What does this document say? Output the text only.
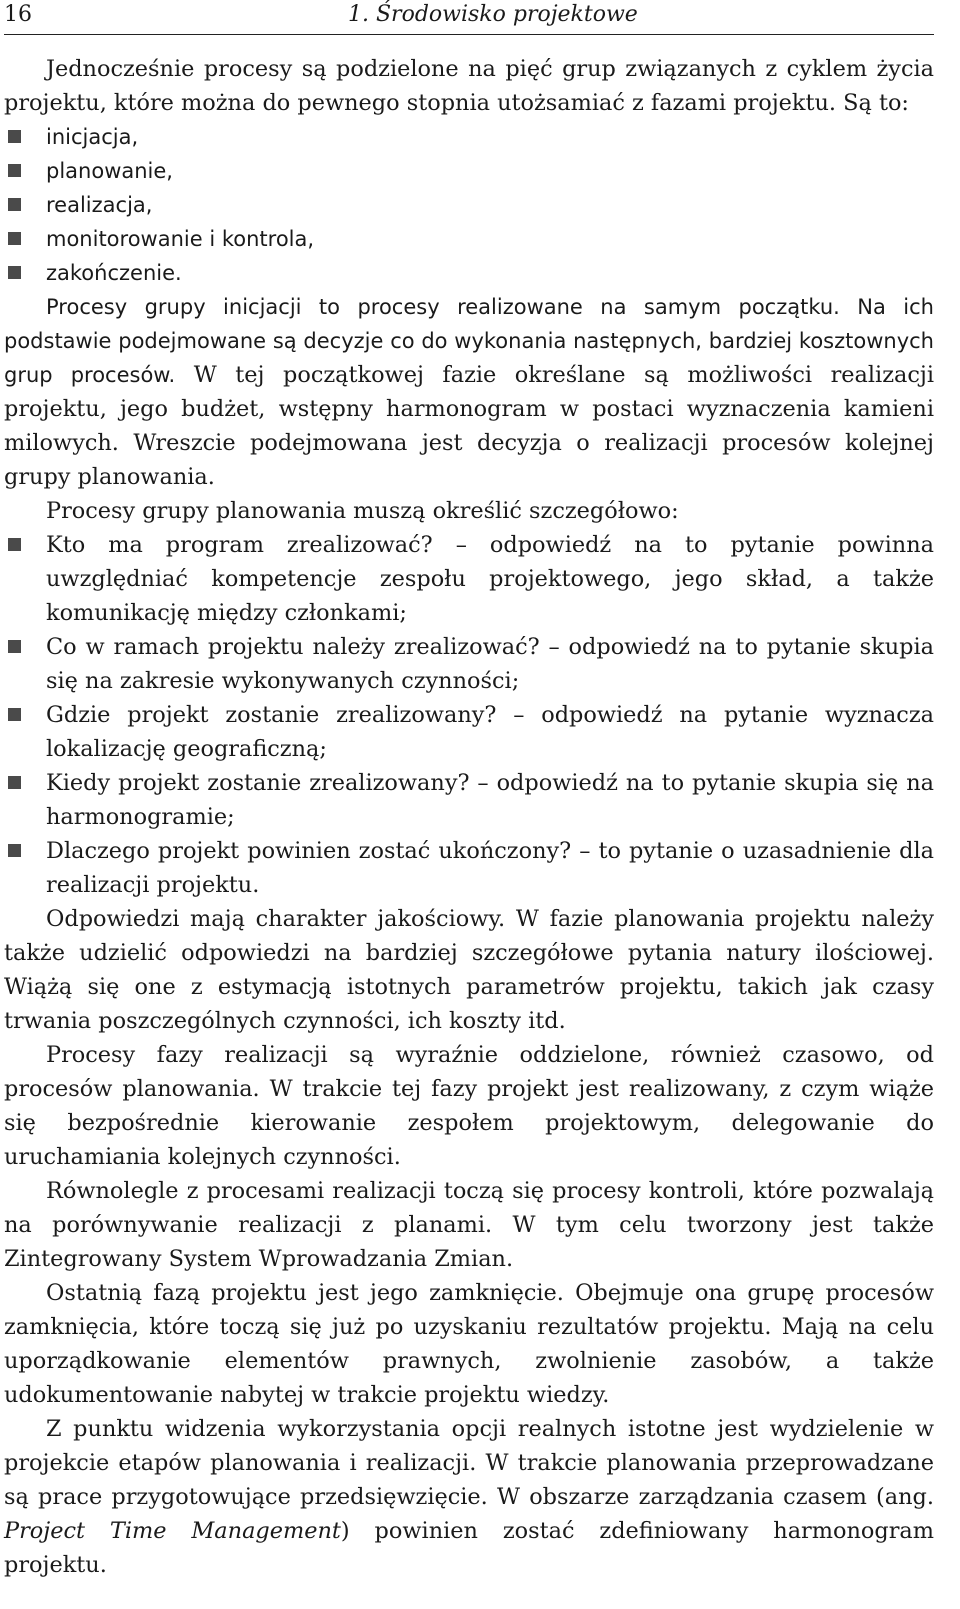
16	1. Środowisko projektowe

Jednocześnie procesy są podzielone na pięć grup związanych z cyklem życia projektu, które można do pewnego stopnia utożsamiać z fazami projektu. Są to:

inicjacja,
planowanie,
realizacja,
monitorowanie i kontrola,
zakończenie.

Procesy grupy inicjacji to procesy realizowane na samym początku. Na ich podstawie podejmowane są decyzje co do wykonania następnych, bardziej kosztownych grup procesów. W tej początkowej fazie określane są możliwości realizacji projektu, jego budżet, wstępny harmonogram w postaci wyznaczenia kamieni milowych. Wreszcie podejmowana jest decyzja o realizacji procesów kolejnej grupy planowania.

Procesy grupy planowania muszą określić szczegółowo:

Kto ma program zrealizować? – odpowiedź na to pytanie powinna uwzględniać kompetencje zespołu projektowego, jego skład, a także komunikację między członkami;
Co w ramach projektu należy zrealizować? – odpowiedź na to pytanie skupia się na zakresie wykonywanych czynności;
Gdzie projekt zostanie zrealizowany? – odpowiedź na pytanie wyznacza lokalizację geograficzną;
Kiedy projekt zostanie zrealizowany? – odpowiedź na to pytanie skupia się na harmonogramie;
Dlaczego projekt powinien zostać ukończony? – to pytanie o uzasadnienie dla realizacji projektu.

Odpowiedzi mają charakter jakościowy. W fazie planowania projektu należy także udzielić odpowiedzi na bardziej szczegółowe pytania natury ilościowej. Wiążą się one z estymacją istotnych parametrów projektu, takich jak czasy trwania poszczególnych czynności, ich koszty itd.

Procesy fazy realizacji są wyraźnie oddzielone, również czasowo, od procesów planowania. W trakcie tej fazy projekt jest realizowany, z czym wiąże się bezpośrednie kierowanie zespołem projektowym, delegowanie do uruchamiania kolejnych czynności.

Równolegle z procesami realizacji toczą się procesy kontroli, które pozwalają na porównywanie realizacji z planami. W tym celu tworzony jest także Zintegrowany System Wprowadzania Zmian.

Ostatnią fazą projektu jest jego zamknięcie. Obejmuje ona grupę procesów zamknięcia, które toczą się już po uzyskaniu rezultatów projektu. Mają na celu uporządkowanie elementów prawnych, zwolnienie zasobów, a także udokumentowanie nabytej w trakcie projektu wiedzy.

Z punktu widzenia wykorzystania opcji realnych istotne jest wydzielenie w projekcie etapów planowania i realizacji. W trakcie planowania przeprowadzane są prace przygotowujące przedsięwzięcie. W obszarze zarządzania czasem (ang. Project Time Management) powinien zostać zdefiniowany harmonogram projektu.
